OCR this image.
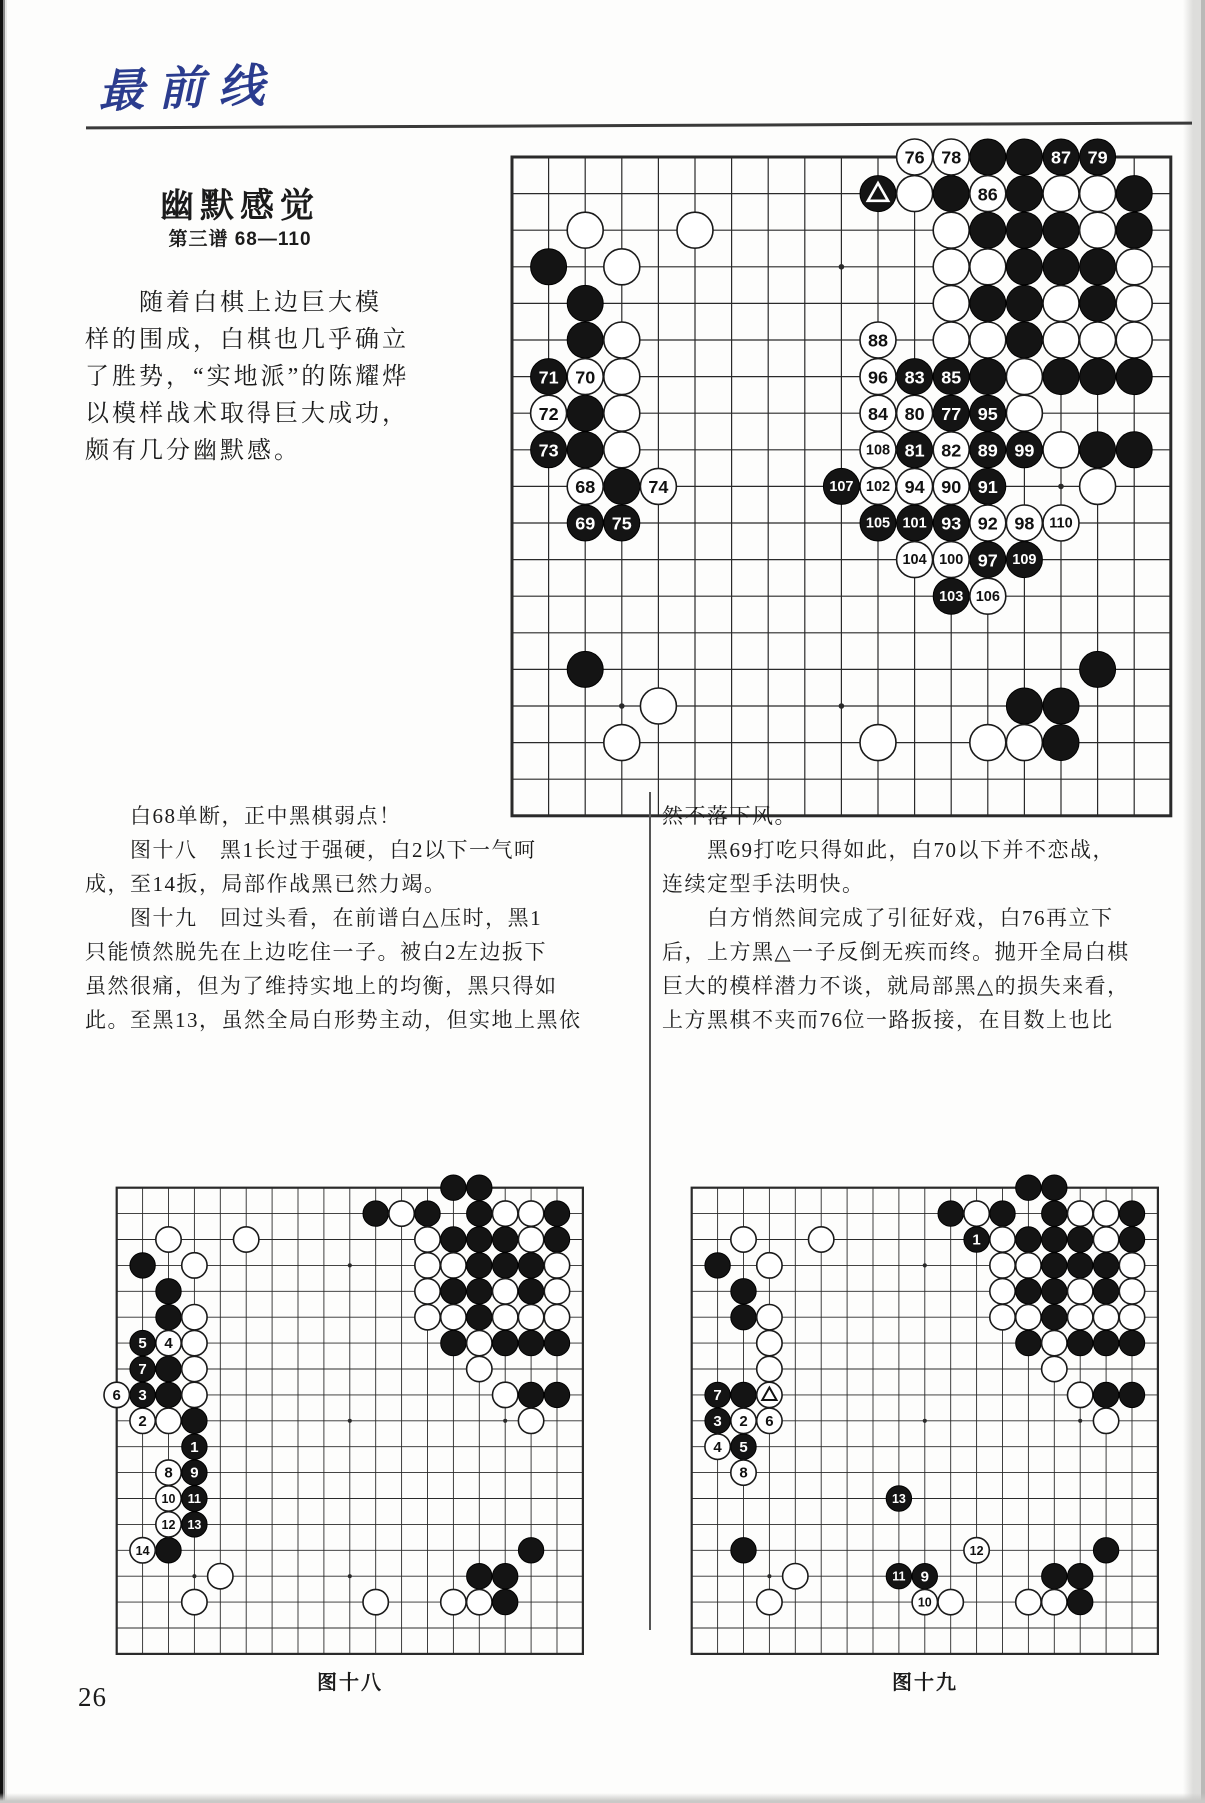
最前线
幽默感觉
第三谱 68—110
　　随着白棋上边巨大模
样的围成，白棋也几乎确立
了胜势，“实地派”的陈耀烨
以模样战术取得巨大成功，
颇有几分幽默感。
68
69
70
71
72
73
74
75
76
77
78	79
80
81 82
83
84
85
86
87
88
89
90 91
92
93
94
95
96
97
98
99
100
101
102
103
104
105
106
107
108
109
110
　　白68单断，正中黑棋弱点！
　　图十八　黑1长过于强硬，白2以下一气呵
成，至14扳，局部作战黑已然力竭。
　　图十九　回过头看，在前谱白△压时，黑1
只能愤然脱先在上边吃住一子。被白2左边扳下
虽然很痛，但为了维持实地上的均衡，黑只得如
此。至黑13，虽然全局白形势主动，但实地上黑依
然不落下风。
　　黑69打吃只得如此，白70以下并不恋战，
连续定型手法明快。
　　白方悄然间完成了引征好戏，白76再立下
后，上方黑△一子反倒无疾而终。抛开全局白棋
巨大的模样潜力不谈，就局部黑△的损失来看，
上方黑棋不夹而76位一路扳接，在目数上也比
1
2
3
4
5
6
7
8 9
10 11
12 13
14
1
2
3
4 5
6
7
8
9
10
11
12
13
图十八	图十九
26
